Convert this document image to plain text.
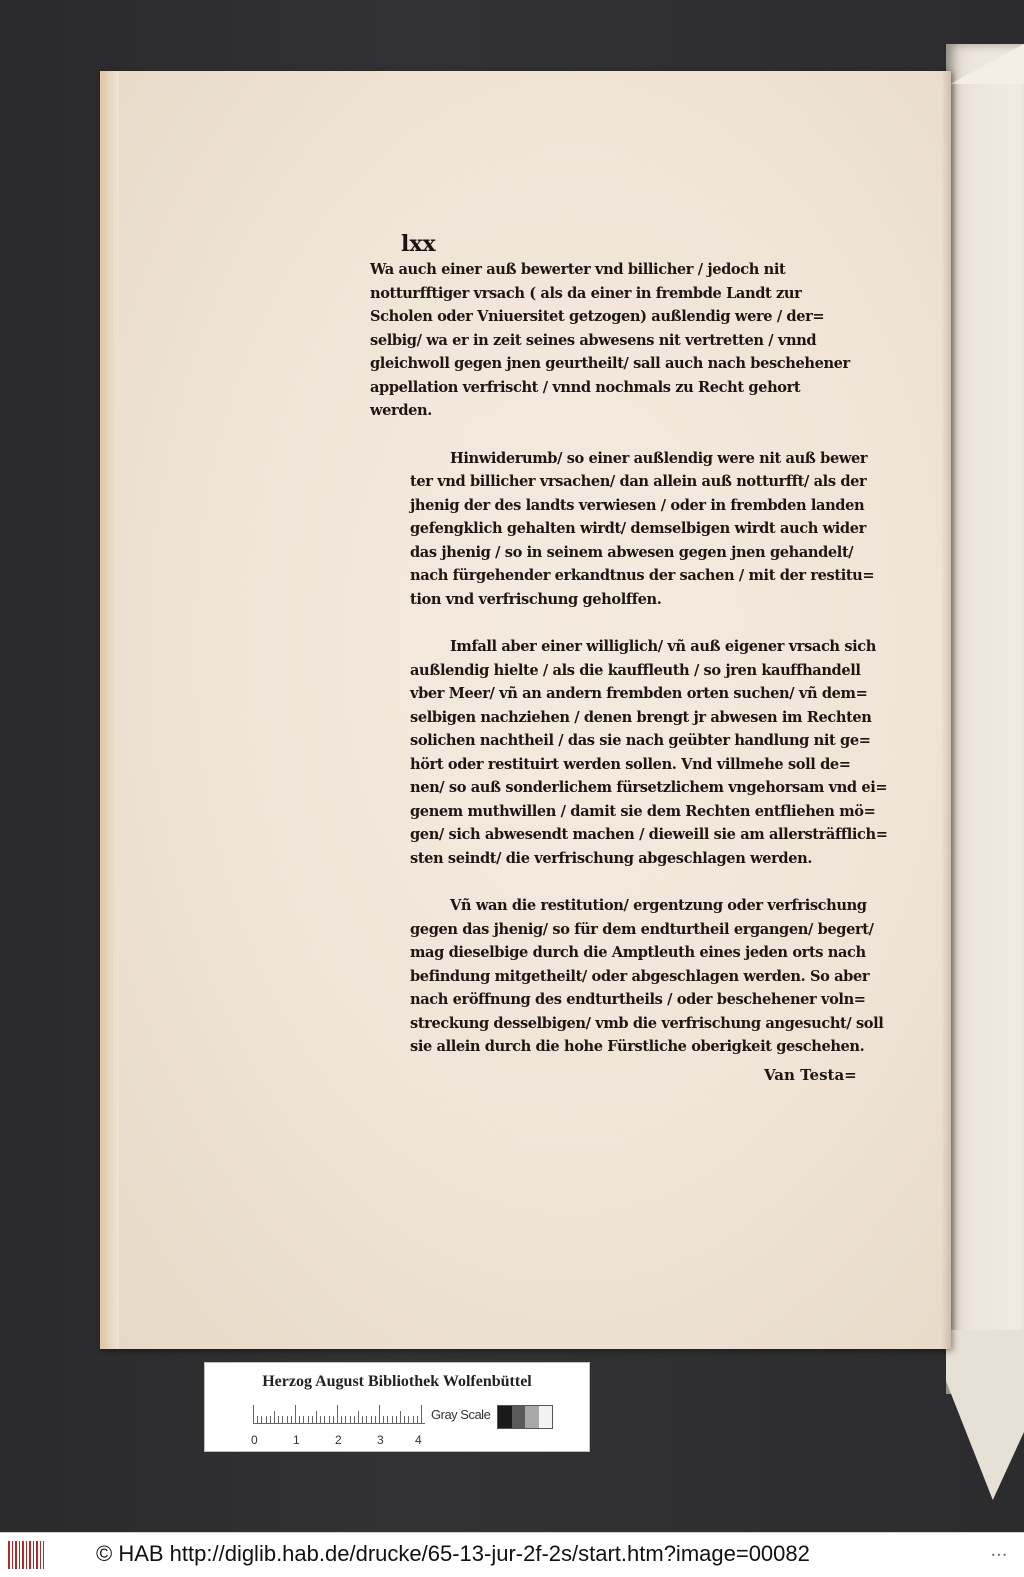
lxx
Wa auch einer auß bewerter vnd billicher / jedoch nit
notturfftiger vrsach ( als da einer in frembde Landt zur
Scholen oder Vniuersitet getzogen) außlendig were / der=
selbig/ wa er in zeit seines abwesens nit vertretten / vnnd
gleichwoll gegen jnen geurtheilt/ sall auch nach beschehener
appellation verfrischt / vnnd nochmals zu Recht gehort
werden.
Hinwiderumb/ so einer außlendig were nit auß bewer
ter vnd billicher vrsachen/ dan allein auß notturfft/ als der
jhenig der des landts verwiesen / oder in frembden landen
gefengklich gehalten wirdt/ demselbigen wirdt auch wider
das jhenig / so in seinem abwesen gegen jnen gehandelt/
nach fürgehender erkandtnus der sachen / mit der restitu=
tion vnd verfrischung geholffen.
Imfall aber einer williglich/ vñ auß eigener vrsach sich
außlendig hielte / als die kauffleuth / so jren kauffhandell
vber Meer/ vñ an andern frembden orten suchen/ vñ dem=
selbigen nachziehen / denen brengt jr abwesen im Rechten
solichen nachtheil / das sie nach geübter handlung nit ge=
hört oder restituirt werden sollen. Vnd villmehe soll de=
nen/ so auß sonderlichem fürsetzlichem vngehorsam vnd ei=
genem muthwillen / damit sie dem Rechten entfliehen mö=
gen/ sich abwesendt machen / dieweill sie am allersträfflich=
sten seindt/ die verfrischung abgeschlagen werden.
Vñ wan die restitution/ ergentzung oder verfrischung
gegen das jhenig/ so für dem endturtheil ergangen/ begert/
mag dieselbige durch die Amptleuth eines jeden orts nach
befindung mitgetheilt/ oder abgeschlagen werden. So aber
nach eröffnung des endturtheils / oder beschehener voln=
streckung desselbigen/ vmb die verfrischung angesucht/ soll
sie allein durch die hohe Fürstliche oberigkeit geschehen.
Van Testa=
Herzog August Bibliothek Wolfenbüttel
0	1	2	3	4
Gray Scale
© HAB http://diglib.hab.de/drucke/65-13-jur-2f-2s/start.htm?image=00082	•••
